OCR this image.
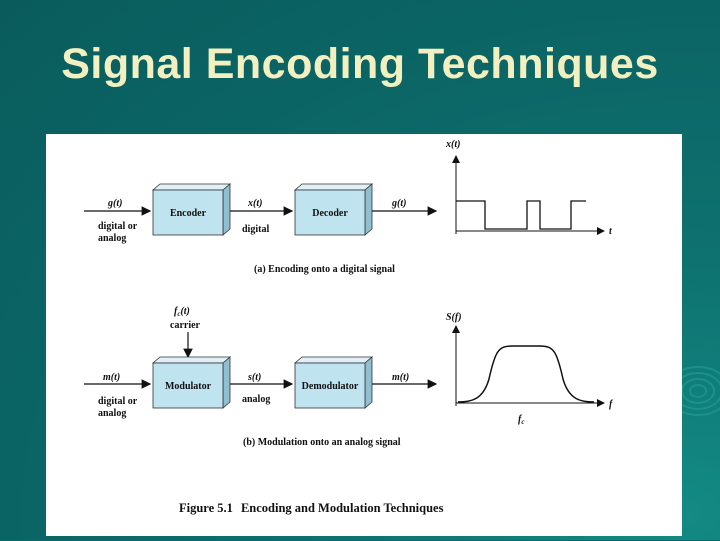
Signal Encoding Techniques
g(t)
digital or
analog
Encoder
x(t)
digital
Decoder
g(t)
(a) Encoding onto a digital signal
x(t)
t
$f_c(t)$
carrier
m(t)
digital or
analog
Modulator
s(t)
analog
Demodulator
m(t)
(b) Modulation onto an analog signal
S(f)
f
$f_c$
Figure 5.1 Encoding and Modulation Techniques
